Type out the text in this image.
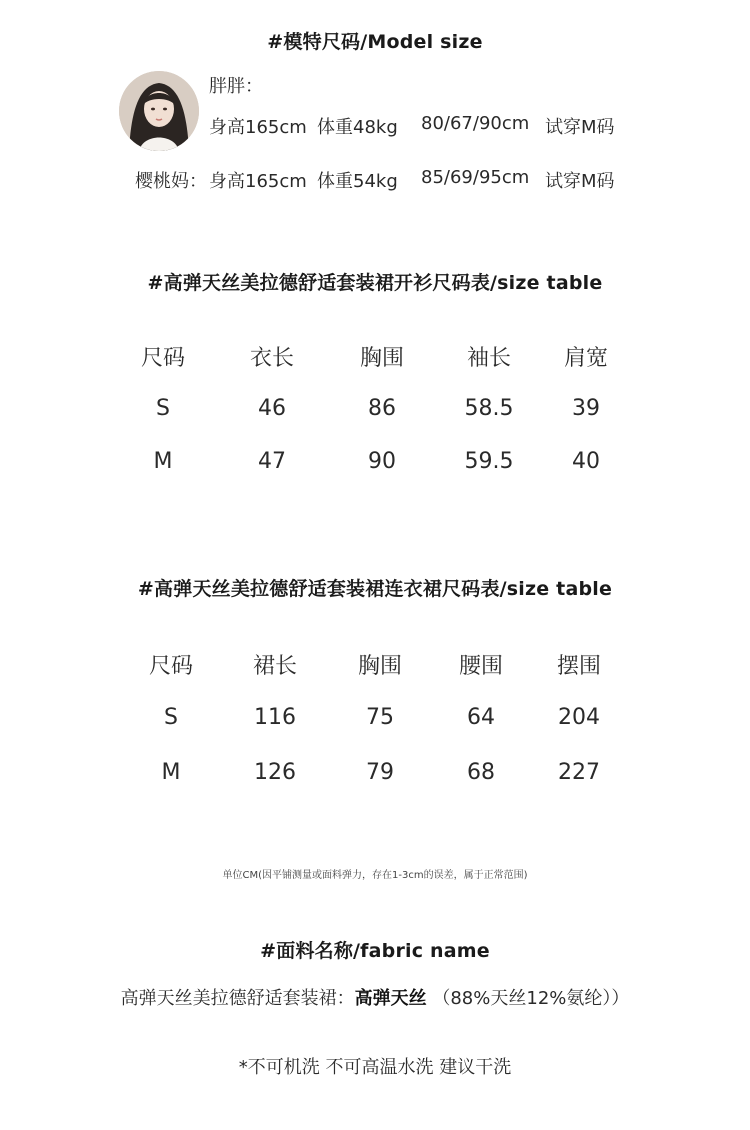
#模特尺码/Model size
胖胖：
身高165cm 体重48kg 80/67/90cm 试穿M码
樱桃妈： 身高165cm 体重54kg 85/69/95cm 试穿M码
#高弹天丝美拉德舒适套装裙开衫尺码表/size table
尺码	衣长	胸围	袖长	肩宽
S	46	86	58.5	39
M	47	90	59.5	40
#高弹天丝美拉德舒适套装裙连衣裙尺码表/size table
尺码	裙长	胸围	腰围	摆围
S	116	75	64	204
M	126	79	68	227
单位CM(因平铺测量或面料弹力，存在1-3cm的误差，属于正常范围)
#面料名称/fabric name
高弹天丝美拉德舒适套装裙：高弹天丝 （88%天丝12%氨纶））
*不可机洗 不可高温水洗 建议干洗
